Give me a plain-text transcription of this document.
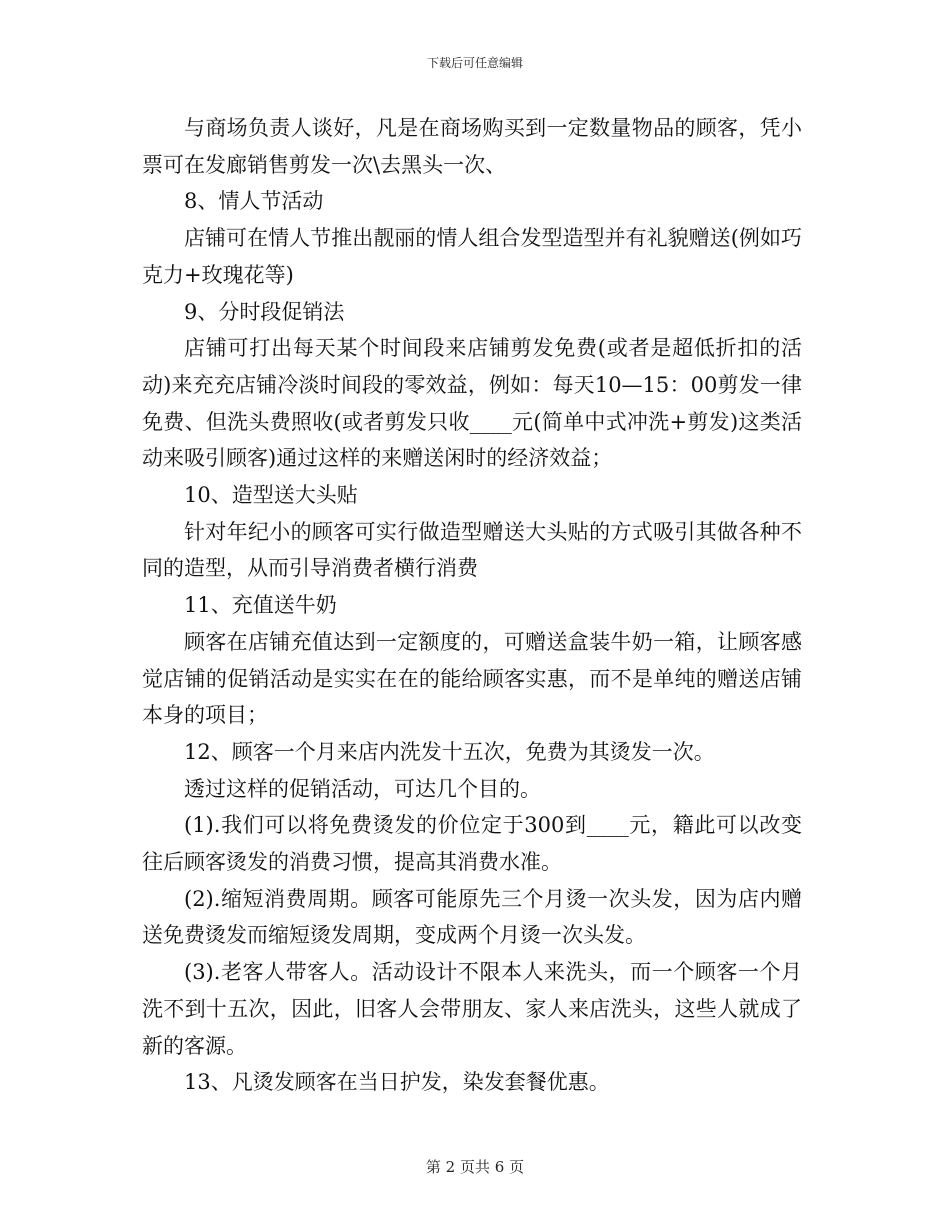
下载后可任意编辑

与商场负责人谈好，凡是在商场购买到一定数量物品的顾客，凭小票可在发廊销售剪发一次\去黑头一次、

8、情人节活动

店铺可在情人节推出靓丽的情人组合发型造型并有礼貌赠送(例如巧克力+玫瑰花等)

9、分时段促销法

店铺可打出每天某个时间段来店铺剪发免费(或者是超低折扣的活动)来充充店铺冷淡时间段的零效益，例如：每天10—15：00剪发一律免费、但洗头费照收(或者剪发只收____元(简单中式冲洗+剪发)这类活动来吸引顾客)通过这样的来赠送闲时的经济效益；

10、造型送大头贴

针对年纪小的顾客可实行做造型赠送大头贴的方式吸引其做各种不同的造型，从而引导消费者横行消费

11、充值送牛奶

顾客在店铺充值达到一定额度的，可赠送盒装牛奶一箱，让顾客感觉店铺的促销活动是实实在在的能给顾客实惠，而不是单纯的赠送店铺本身的项目；

12、顾客一个月来店内洗发十五次，免费为其烫发一次。

透过这样的促销活动，可达几个目的。

(1).我们可以将免费烫发的价位定于300到____元，籍此可以改变往后顾客烫发的消费习惯，提高其消费水准。

(2).缩短消费周期。顾客可能原先三个月烫一次头发，因为店内赠送免费烫发而缩短烫发周期，变成两个月烫一次头发。

(3).老客人带客人。活动设计不限本人来洗头，而一个顾客一个月洗不到十五次，因此，旧客人会带朋友、家人来店洗头，这些人就成了新的客源。

13、凡烫发顾客在当日护发，染发套餐优惠。

第 2 页共 6 页
